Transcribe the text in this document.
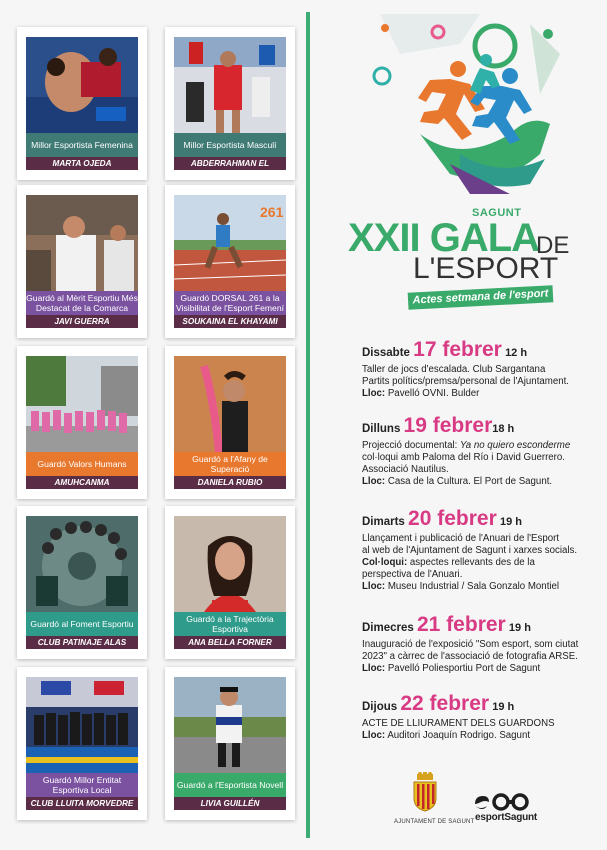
Millor Esportista Femenina
MARTA OJEDA
Millor Esportista Masculí
ABDERRAHMAN EL KHAYAMI
Guardó al Mèrit Esportiu Més Destacat de la Comarca
JAVI GUERRA
261
Guardó DORSAL 261 a la Visibilitat de l'Esport Femení
SOUKAINA EL KHAYAMI
Guardó Valors Humans
AMUHCANMA
Guardó a l'Afany de Superació
DANIELA RUBIO
Guardó al Foment Esportiu
CLUB PATINAJE ALAS SAGUNTO
Guardó a la Trajectòria Esportiva
ANA BELLA FORNER
Guardó Millor Entitat Esportiva Local
CLUB LLUITA MORVEDRE
Guardó a l'Esportista Novell
LIVIA GUILLÉN
SAGUNT
XXII GALA
DE
L'ESPORT
Actes setmana de l'esport
Dissabte 17 febrer 12 h
Taller de jocs d'escalada. Club Sargantana
Partits polítics/premsa/personal de l'Ajuntament.
Lloc: Pavelló OVNI. Bulder
Dilluns 19 febrer18 h
Projecció documental: Ya no quiero esconderme
col·loqui amb Paloma del Río i David Guerrero.
Associació Nautilus.
Lloc: Casa de la Cultura. El Port de Sagunt.
Dimarts 20 febrer 19 h
Llançament i publicació de l'Anuari de l'Esport
al web de l'Ajuntament de Sagunt i xarxes socials.
Col·loqui: aspectes rellevants des de la
perspectiva de l'Anuari.
Lloc: Museu Industrial / Sala Gonzalo Montiel
Dimecres 21 febrer 19 h
Inauguració de l'exposició "Som esport, som ciutat
2023" a càrrec de l'associació de fotografia ARSE.
Lloc: Pavelló Poliesportiu Port de Sagunt
Dijous 22 febrer 19 h
ACTE DE LLIURAMENT DELS GUARDONS
Lloc: Auditori Joaquín Rodrigo. Sagunt
AJUNTAMENT DE SAGUNT esportSagunt
